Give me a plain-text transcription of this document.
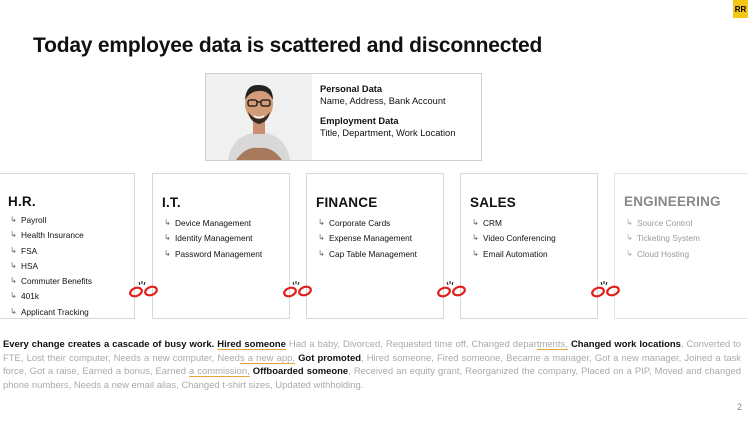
RR
Today employee data is scattered and disconnected
Personal Data
Name, Address, Bank Account
Employment Data
Title, Department, Work Location
H.R.
↳ Payroll
↳ Health Insurance
↳ FSA
↳ HSA
↳ Commuter Benefits
↳ 401k
↳ Applicant Tracking
I.T.
↳ Device Management
↳ Identity Management
↳ Password Management
FINANCE
↳ Corporate Cards
↳ Expense Management
↳ Cap Table Management
SALES
↳ CRM
↳ Video Conferencing
↳ Email Automation
ENGINEERING
↳ Source Control
↳ Ticketing System
↳ Cloud Hosting
Every change creates a cascade of busy work. Hired someone Had a baby, Divorced, Requested time off, Changed departments, Changed work locations, Converted to FTE, Lost their computer, Needs a new computer, Needs a new app, Got promoted, Hired someone, Fired someone, Became a manager, Got a new manager, Joined a task force, Got a raise, Earned a bonus, Earned a commission, Offboarded someone, Received an equity grant, Reorganized the company, Placed on a PIP, Moved and changed phone numbers, Needs a new email alias, Changed t-shirt sizes, Updated withholding.
2
